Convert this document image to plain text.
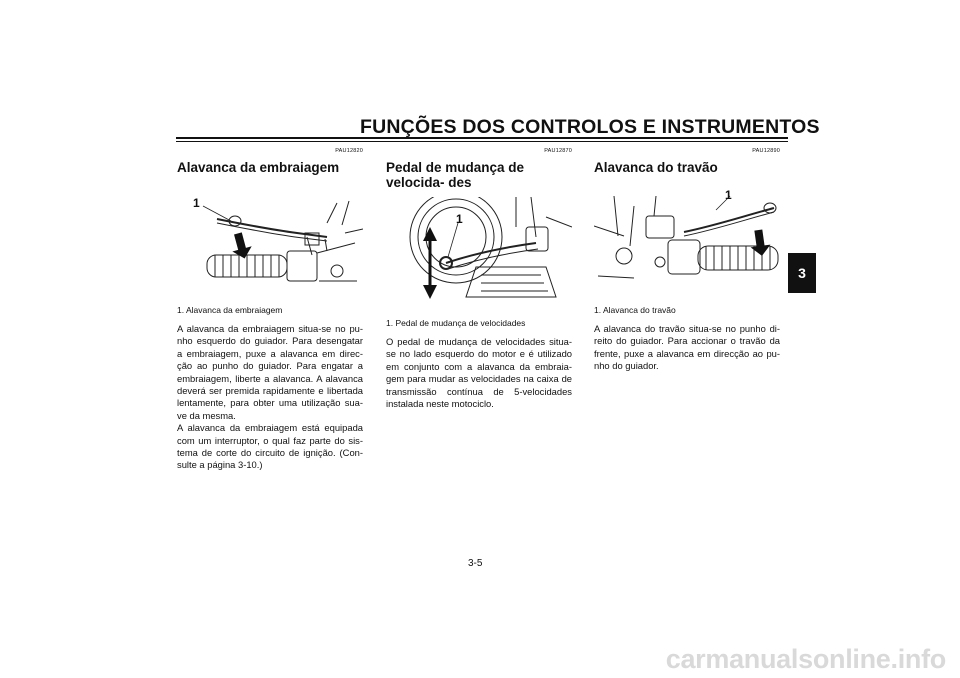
FUNÇÕES DOS CONTROLOS E INSTRUMENTOS
3
PAU12820
Alavanca da embraiagem
1
1. Alavanca da embraiagem

A alavanca da embraiagem situa-se no pu- nho esquerdo do guiador. Para desengatar a embraiagem, puxe a alavanca em direc- ção ao punho do guiador. Para engatar a embraiagem, liberte a alavanca. A alavanca deverá ser premida rapidamente e libertada lentamente, para obter uma utilização sua- ve da mesma.

A alavanca da embraiagem está equipada com um interruptor, o qual faz parte do sis- tema de corte do circuito de ignição. (Con- sulte a página 3-10.)

PAU12870
Pedal de mudança de velocida- des
1
1. Pedal de mudança de velocidades

O pedal de mudança de velocidades situa- se no lado esquerdo do motor e é utilizado em conjunto com a alavanca da embraia- gem para mudar as velocidades na caixa de transmissão contínua de 5-velocidades instalada neste motociclo.

PAU12890
Alavanca do travão
1
1. Alavanca do travão

A alavanca do travão situa-se no punho di- reito do guiador. Para accionar o travão da frente, puxe a alavanca em direcção ao pu- nho do guiador.

3-5
carmanualsonline.info
